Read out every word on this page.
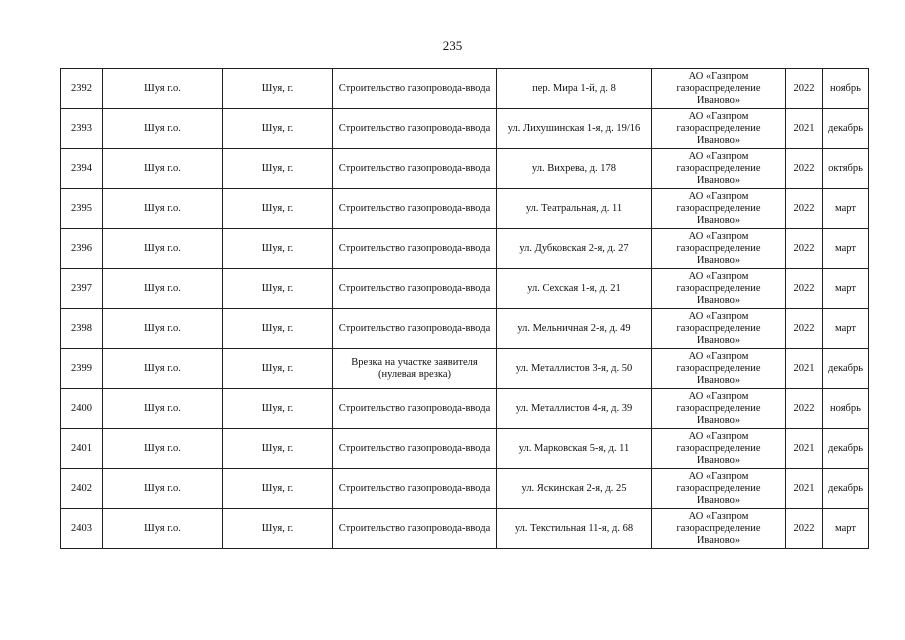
235
2392	Шуя г.о.	Шуя, г.	Строительство газопровода-ввода	пер. Мира 1-й, д. 8	АО «Газпром газораспределение Иваново»	2022	ноябрь
2393	Шуя г.о.	Шуя, г.	Строительство газопровода-ввода	ул. Лихушинская 1-я, д. 19/16	АО «Газпром газораспределение Иваново»	2021	декабрь
2394	Шуя г.о.	Шуя, г.	Строительство газопровода-ввода	ул. Вихрева, д. 178	АО «Газпром газораспределение Иваново»	2022	октябрь
2395	Шуя г.о.	Шуя, г.	Строительство газопровода-ввода	ул. Театральная, д. 11	АО «Газпром газораспределение Иваново»	2022	март
2396	Шуя г.о.	Шуя, г.	Строительство газопровода-ввода	ул. Дубковская 2-я, д. 27	АО «Газпром газораспределение Иваново»	2022	март
2397	Шуя г.о.	Шуя, г.	Строительство газопровода-ввода	ул. Сехская 1-я, д. 21	АО «Газпром газораспределение Иваново»	2022	март
2398	Шуя г.о.	Шуя, г.	Строительство газопровода-ввода	ул. Мельничная 2-я, д. 49	АО «Газпром газораспределение Иваново»	2022	март
2399	Шуя г.о.	Шуя, г.	Врезка на участке заявителя (нулевая врезка)	ул. Металлистов 3-я, д. 50	АО «Газпром газораспределение Иваново»	2021	декабрь
2400	Шуя г.о.	Шуя, г.	Строительство газопровода-ввода	ул. Металлистов 4-я, д. 39	АО «Газпром газораспределение Иваново»	2022	ноябрь
2401	Шуя г.о.	Шуя, г.	Строительство газопровода-ввода	ул. Марковская 5-я, д. 11	АО «Газпром газораспределение Иваново»	2021	декабрь
2402	Шуя г.о.	Шуя, г.	Строительство газопровода-ввода	ул. Яскинская 2-я, д. 25	АО «Газпром газораспределение Иваново»	2021	декабрь
2403	Шуя г.о.	Шуя, г.	Строительство газопровода-ввода	ул. Текстильная 11-я, д. 68	АО «Газпром газораспределение Иваново»	2022	март
